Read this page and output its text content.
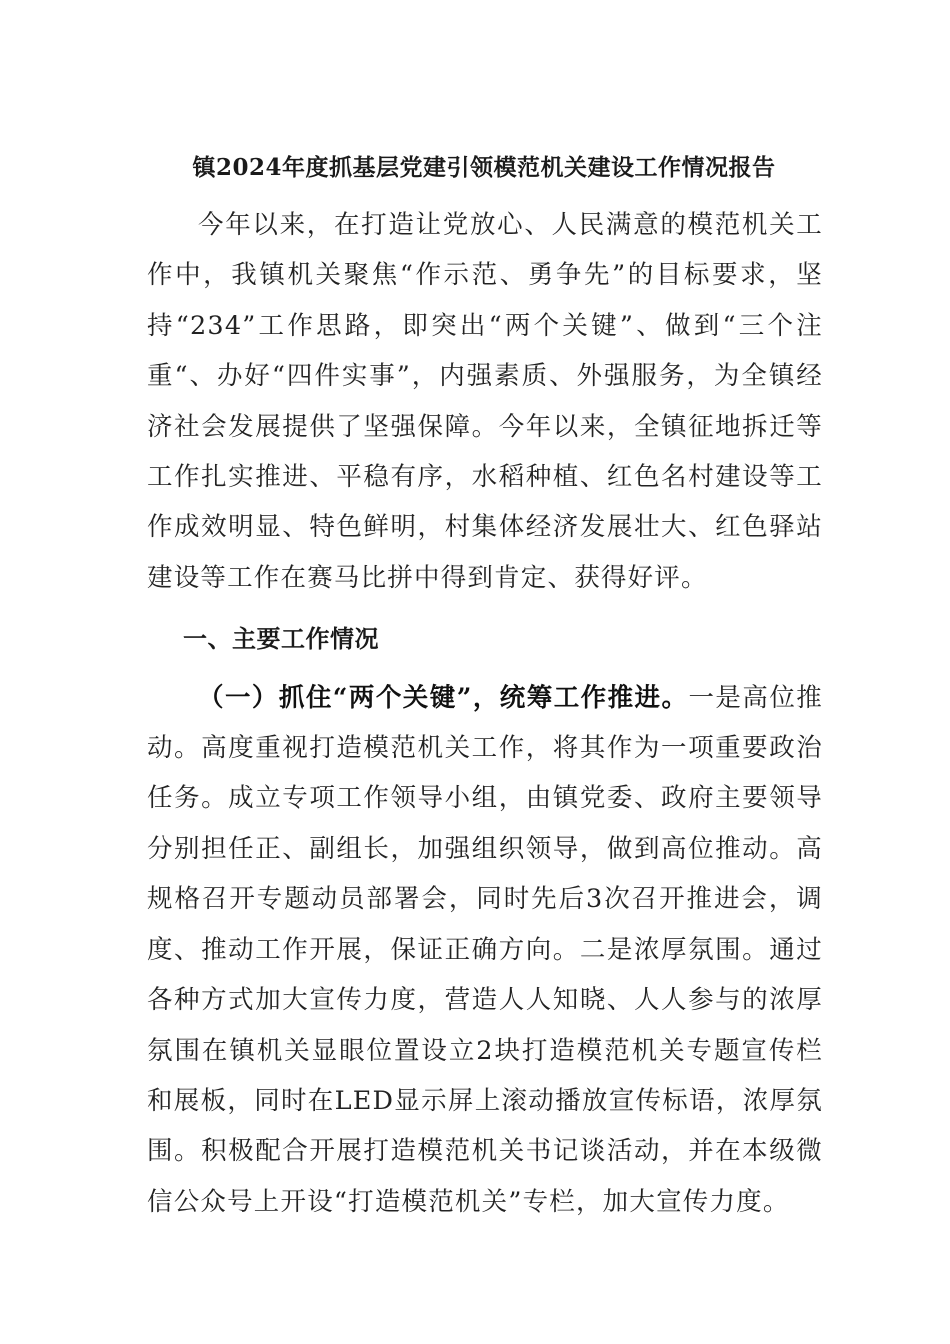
镇2024年度抓基层党建引领模范机关建设工作情况报告

今年以来，在打造让党放心、人民满意的模范机关工作中，我镇机关聚焦“作示范、勇争先”的目标要求，坚持“234”工作思路，即突出“两个关键”、做到“三个注重“、办好“四件实事”，内强素质、外强服务，为全镇经济社会发展提供了坚强保障。今年以来，全镇征地拆迁等工作扎实推进、平稳有序，水稻种植、红色名村建设等工作成效明显、特色鲜明，村集体经济发展壮大、红色驿站建设等工作在赛马比拼中得到肯定、获得好评。

一、主要工作情况

（一）抓住“两个关键”，统筹工作推进。一是高位推动。高度重视打造模范机关工作，将其作为一项重要政治任务。成立专项工作领导小组，由镇党委、政府主要领导分别担任正、副组长，加强组织领导，做到高位推动。高规格召开专题动员部署会，同时先后3次召开推进会，调度、推动工作开展，保证正确方向。二是浓厚氛围。通过各种方式加大宣传力度，营造人人知晓、人人参与的浓厚氛围在镇机关显眼位置设立2块打造模范机关专题宣传栏和展板，同时在LED显示屏上滚动播放宣传标语，浓厚氛围。积极配合开展打造模范机关书记谈活动，并在本级微信公众号上开设“打造模范机关”专栏，加大宣传力度。
